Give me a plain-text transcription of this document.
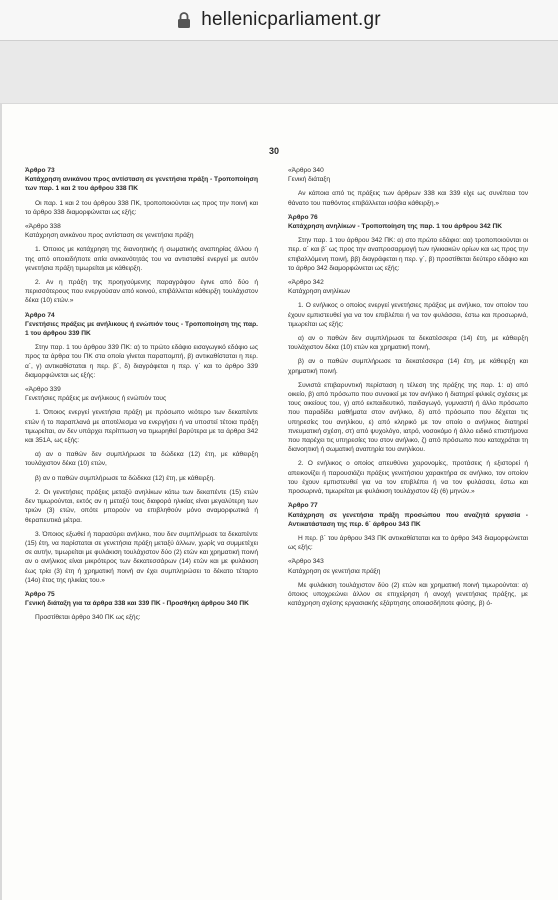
hellenicparliament.gr
30

Άρθρο 73
Κατάχρηση ανικάνου προς αντίσταση σε γενετήσια πράξη - Τροποποίηση των παρ. 1 και 2 του άρθρου 338 ΠΚ

Οι παρ. 1 και 2 του άρθρου 338 ΠΚ, τροποποιούνται ως προς την ποινή και το άρθρο 338 διαμορφώνεται ως εξής:

«Άρθρο 338
Κατάχρηση ανικάνου προς αντίσταση σε γενετήσια πράξη

1. Όποιος με κατάχρηση της διανοητικής ή σωματικής αναπηρίας άλλου ή της από οποιαδήποτε αιτία ανικανότητάς του να αντισταθεί ενεργεί με αυτόν γενετήσια πράξη τιμωρείται με κάθειρξη.

2. Αν η πράξη της προηγούμενης παραγράφου έγινε από δύο ή περισσότερους που ενεργούσαν από κοινού, επιβάλλεται κάθειρξη τουλάχιστον δέκα (10) ετών.»

Άρθρο 74
Γενετήσιες πράξεις με ανήλικους ή ενώπιόν τους - Τροποποίηση της παρ. 1 του άρθρου 339 ΠΚ

Στην παρ. 1 του άρθρου 339 ΠΚ: α) το πρώτο εδάφιο εισαγωγικό εδάφιο ως προς τα άρθρα του ΠΚ στα οποία γίνεται παραπομπή, β) αντικαθίσταται η περ. α΄, γ) αντικαθίσταται η περ. β΄, δ) διαγράφεται η περ. γ΄ και το άρθρο 339 διαμορφώνεται ως εξής:

«Άρθρο 339
Γενετήσιες πράξεις με ανήλικους ή ενώπιόν τους

1. Όποιος ενεργεί γενετήσια πράξη με πρόσωπο νεότερο των δεκαπέντε ετών ή το παραπλανά με αποτέλεσμα να ενεργήσει ή να υποστεί τέτοια πράξη τιμωρείται, αν δεν υπάρχει περίπτωση να τιμωρηθεί βαρύτερα με τα άρθρα 342 και 351Α, ως εξής:

α) αν ο παθών δεν συμπλήρωσε τα δώδεκα (12) έτη, με κάθειρξη τουλάχιστον δέκα (10) ετών,

β) αν ο παθών συμπλήρωσε τα δώδεκα (12) έτη, με κάθειρξη.

2. Οι γενετήσιες πράξεις μεταξύ ανηλίκων κάτω των δεκαπέντε (15) ετών δεν τιμωρούνται, εκτός αν η μεταξύ τους διαφορά ηλικίας είναι μεγαλύτερη των τριών (3) ετών, οπότε μπορούν να επιβληθούν μόνο αναμορφωτικά ή θεραπευτικά μέτρα.

3. Όποιος εξωθεί ή παρασύρει ανήλικο, που δεν συμπλήρωσε τα δεκαπέντε (15) έτη, να παρίσταται σε γενετήσια πράξη μεταξύ άλλων, χωρίς να συμμετέχει σε αυτήν, τιμωρείται με φυλάκιση τουλάχιστον δύο (2) ετών και χρηματική ποινή αν ο ανήλικος είναι μικρότερος των δεκατεσσάρων (14) ετών και με φυλάκιση έως τρία (3) έτη ή χρηματική ποινή αν έχει συμπληρώσει το δέκατο τέταρτο (14ο) έτος της ηλικίας του.»

Άρθρο 75
Γενική διάταξη για τα άρθρα 338 και 339 ΠΚ - Προσθήκη άρθρου 340 ΠΚ

Προστίθεται άρθρο 340 ΠΚ ως εξής:

«Άρθρο 340
Γενική διάταξη

Αν κάποια από τις πράξεις των άρθρων 338 και 339 είχε ως συνέπεια τον θάνατο του παθόντος επιβάλλεται ισόβια κάθειρξη.»

Άρθρο 76
Κατάχρηση ανηλίκων - Τροποποίηση της παρ. 1 του άρθρου 342 ΠΚ

Στην παρ. 1 του άρθρου 342 ΠΚ: α) στο πρώτο εδάφιο: αα) τροποποιούνται οι περ. α΄ και β΄ ως προς την αναπροσαρμογή των ηλικιακών ορίων και ως προς την επιβαλλόμενη ποινή, ββ) διαγράφεται η περ. γ΄, β) προστίθεται δεύτερο εδάφιο και το άρθρο 342 διαμορφώνεται ως εξής:

«Άρθρο 342
Κατάχρηση ανηλίκων

1. Ο ενήλικος ο οποίος ενεργεί γενετήσιες πράξεις με ανήλικο, τον οποίον του έχουν εμπιστευθεί για να τον επιβλέπει ή να τον φυλάσσει, έστω και προσωρινά, τιμωρείται ως εξής:

α) αν ο παθών δεν συμπλήρωσε τα δεκατέσσερα (14) έτη, με κάθειρξη τουλάχιστον δέκα (10) ετών και χρηματική ποινή,

β) αν ο παθών συμπλήρωσε τα δεκατέσσερα (14) έτη, με κάθειρξη και χρηματική ποινή.

Συνιστά επιβαρυντική περίσταση η τέλεση της πράξης της παρ. 1: α) από οικείο, β) από πρόσωπο που συνοικεί με τον ανήλικο ή διατηρεί φιλικές σχέσεις με τους οικείους του, γ) από εκπαιδευτικό, παιδαγωγό, γυμναστή ή άλλο πρόσωπο που παραδίδει μαθήματα στον ανήλικο, δ) από πρόσωπο που δέχεται τις υπηρεσίες του ανηλίκου, ε) από κληρικό με τον οποίο ο ανήλικος διατηρεί πνευματική σχέση, στ) από ψυχολόγο, ιατρό, νοσοκόμο ή άλλο ειδικό επιστήμονα που παρέχει τις υπηρεσίες του στον ανήλικο, ζ) από πρόσωπο που καταχράται τη διανοητική ή σωματική αναπηρία του ανηλίκου.

2. Ο ενήλικος ο οποίος απευθύνει χειρονομίες, προτάσεις ή εξιστορεί ή απεικονίζει ή παρουσιάζει πράξεις γενετήσιου χαρακτήρα σε ανήλικο, τον οποίον του έχουν εμπιστευθεί για να τον επιβλέπει ή να τον φυλάσσει, έστω και προσωρινά, τιμωρείται με φυλάκιση τουλάχιστον έξι (6) μηνών.»

Άρθρο 77
Κατάχρηση σε γενετήσια πράξη προσώπου που αναζητά εργασία - Αντικατάσταση της περ. 6΄ άρθρου 343 ΠΚ

Η περ. β΄ του άρθρου 343 ΠΚ αντικαθίσταται και το άρθρο 343 διαμορφώνεται ως εξής:

«Άρθρο 343
Κατάχρηση σε γενετήσια πράξη

Με φυλάκιση τουλάχιστον δύο (2) ετών και χρηματική ποινή τιμωρούνται: α) όποιος υποχρεώνει άλλον σε επιχείρηση ή ανοχή γενετήσιας πράξης, με κατάχρηση σχέσης εργασιακής εξάρτησης οποιασδήποτε φύσης, β) ό-
